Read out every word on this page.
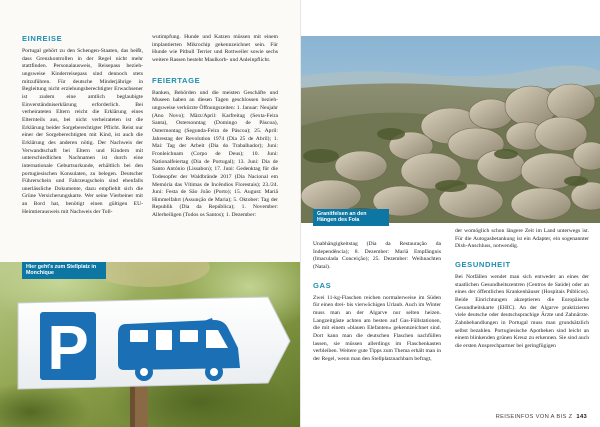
EINREISE

Portugal gehört zu den Schengen-Staaten, das heißt, dass Grenzkontrollen in der Regel nicht mehr stattfinden. Personalausweis, Reisepass beziehungsweise Kinderreisepass sind dennoch stets mitzuführen. Für deutsche Minderjährige in Begleitung nicht erziehungsberechtigter Erwachsener ist zudem eine amtlich beglaubigte Einverständniserklärung erforderlich. Bei verheirateten Eltern reicht die Erklärung eines Elternteils aus, bei nicht verheirateten ist die Erklärung beider Sorgeberechtigter Pflicht. Reist nur einer der Sorgeberechtigten mit Kind, ist auch die Erklärung des anderen nötig. Der Nachweis der Verwandtschaft bei Eltern und Kindern mit unterschiedlichen Nachnamen ist durch eine internationale Geburtsurkunde, erhältlich bei den portugiesischen Konsulaten, zu belegen. Deutscher Führerschein und Fahrzeugschein sind ebenfalls unerlässliche Dokumente, dazu empfiehlt sich die Grüne Versicherungskarte. Wer seine Vierbeiner mit an Bord hat, benötigt einen gültigen EU-Heimtierausweis mit Nachweis der Toll-

wutimpfung. Hunde und Katzen müssen mit einem implantierten Mikrochip gekennzeichnet sein. Für Hunde wie Pitbull Terrier und Rottweiler sowie sechs weitere Rassen besteht Maulkorb- und Anleinpflicht.

FEIERTAGE

Banken, Behörden und die meisten Geschäfte und Museen haben an diesen Tagen geschlossen beziehungsweise verkürzte Öffnungszeiten: 1. Januar: Neujahr (Ano Novo); März/April: Karfreitag (Sexta-Feira Santa), Ostersonntag (Domingo de Páscoa), Ostermontag (Segunda-Feira de Páscoa); 25. April: Jahrestag der Revolution 1974 (Dia 25 de Abril); 1. Mai: Tag der Arbeit (Dia do Trabalhador); Juni: Fronleichnam (Corpo de Deus); 10. Juni: Nationalfeiertag (Dia de Portugal); 13. Juni: Dia de Santo António (Lissabon); 17. Juni: Gedenktag für die Todesopfer der Waldbrände 2017 (Dia Nacional em Memória das Vítimas de Incêndios Florestais); 23./24. Juni: Festa de São João (Porto); 15. August: Mariä Himmelfahrt (Assunção de Maria); 5. Oktober: Tag der Republik (Dia da República); 1. November: Allerheiligen (Todos os Santos); 1. Dezember:

P
Hier geht's zum Stellplatz in Monchique
Granitfelsen an den Hängen des Foia

Unabhängigkeitstag (Dia da Restauração da Independência); 8. Dezember: Mariä Empfängnis (Imaculada Conceição); 25. Dezember: Weihnachten (Natal).

GAS

Zwei 11-kg-Flaschen reichen normalerweise im Süden für einen drei- bis vierwöchigen Urlaub. Auch im Winter muss man an der Algarve nur selten heizen. Langzeitgäste achten am besten auf Gas-Füllstationen, die mit einem »blauen Elefanten« gekennzeichnet sind. Dort kann man die deutschen Flaschen nachfüllen lassen, sie müssen allerdings im Flaschenkasten verbleiben. Weitere gute Tipps zum Thema erhält man in der Regel, wenn man den Stellplatznachbarn befragt,

der womöglich schon längere Zeit im Land unterwegs ist. Für die Autogasbetankung ist ein Adapter, ein sogenannter Dish-Anschluss, notwendig.

GESUNDHEIT

Bei Notfällen wendet man sich entweder an eines der staatlichen Gesundheitszentren (Centros de Saúde) oder an eines der öffentlichen Krankenhäuser (Hospitais Públicos). Beide Einrichtungen akzeptieren die Europäische Gesundheitskarte (EHIC). An der Algarve praktizieren viele deutsche oder deutschsprachige Ärzte und Zahnärzte. Zahnbehandlungen in Portugal muss man grundsätzlich selbst bezahlen. Portugiesische Apotheken sind leicht an einem blinkenden grünen Kreuz zu erkennen. Sie sind auch die ersten Ansprechpartner bei geringfügigen

REISEINFOS VON A BIS Z 143
